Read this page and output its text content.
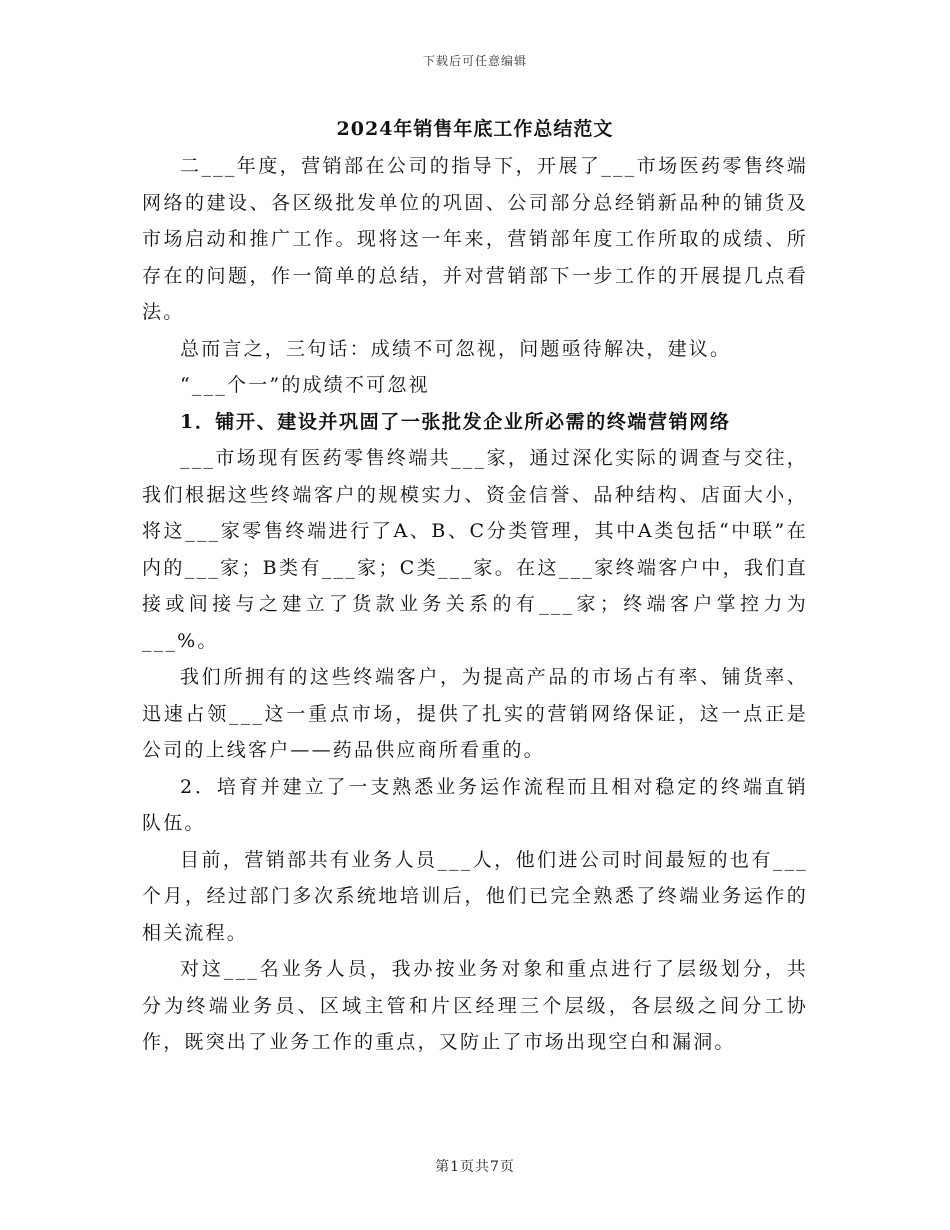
下载后可任意编辑
2024年销售年底工作总结范文

二___年度，营销部在公司的指导下，开展了___市场医药零售终端网络的建设、各区级批发单位的巩固、公司部分总经销新品种的铺货及市场启动和推广工作。现将这一年来，营销部年度工作所取的成绩、所存在的问题，作一简单的总结，并对营销部下一步工作的开展提几点看法。

总而言之，三句话：成绩不可忽视，问题亟待解决，建议。

“___个一”的成绩不可忽视

1．铺开、建设并巩固了一张批发企业所必需的终端营销网络

___市场现有医药零售终端共___家，通过深化实际的调查与交往，我们根据这些终端客户的规模实力、资金信誉、品种结构、店面大小，将这___家零售终端进行了A、B、C分类管理，其中A类包括“中联”在内的___家；B类有___家；C类___家。在这___家终端客户中，我们直接或间接与之建立了货款业务关系的有___家；终端客户掌控力为___%。

我们所拥有的这些终端客户，为提高产品的市场占有率、铺货率、迅速占领___这一重点市场，提供了扎实的营销网络保证，这一点正是公司的上线客户——药品供应商所看重的。

2．培育并建立了一支熟悉业务运作流程而且相对稳定的终端直销队伍。

目前，营销部共有业务人员___人，他们进公司时间最短的也有___个月，经过部门多次系统地培训后，他们已完全熟悉了终端业务运作的相关流程。

对这___名业务人员，我办按业务对象和重点进行了层级划分，共分为终端业务员、区域主管和片区经理三个层级，各层级之间分工协作，既突出了业务工作的重点，又防止了市场出现空白和漏洞。

第1页共7页
